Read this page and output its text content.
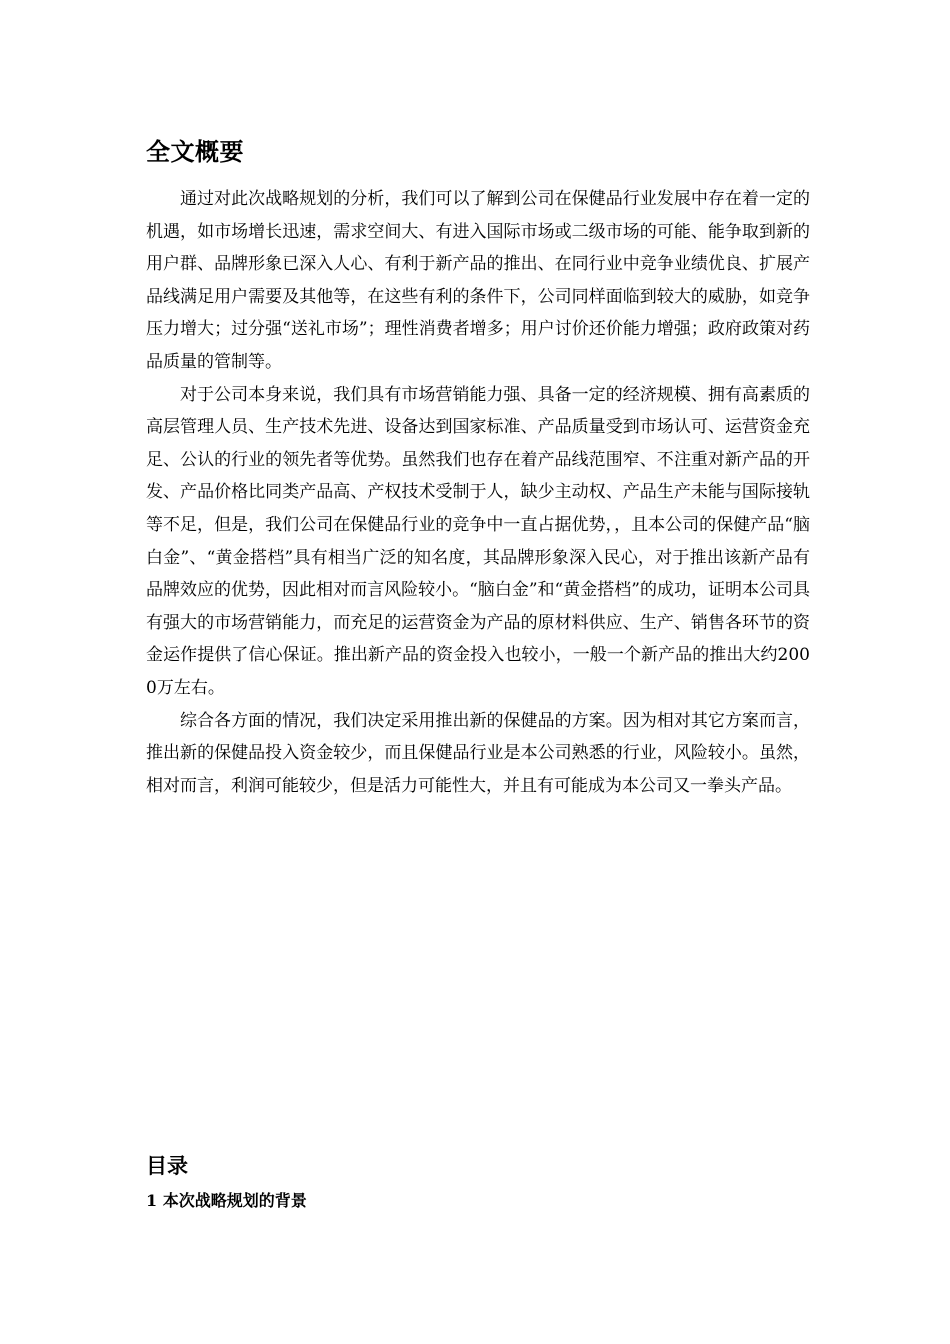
全文概要

通过对此次战略规划的分析，我们可以了解到公司在保健品行业发展中存在着一定的机遇，如市场增长迅速，需求空间大、有进入国际市场或二级市场的可能、能争取到新的用户群、品牌形象已深入人心、有利于新产品的推出、在同行业中竞争业绩优良、扩展产品线满足用户需要及其他等，在这些有利的条件下，公司同样面临到较大的威胁，如竞争压力增大；过分强“送礼市场”；理性消费者增多；用户讨价还价能力增强；政府政策对药品质量的管制等。

对于公司本身来说，我们具有市场营销能力强、具备一定的经济规模、拥有高素质的高层管理人员、生产技术先进、设备达到国家标准、产品质量受到市场认可、运营资金充足、公认的行业的领先者等优势。虽然我们也存在着产品线范围窄、不注重对新产品的开发、产品价格比同类产品高、产权技术受制于人，缺少主动权、产品生产未能与国际接轨等不足，但是，我们公司在保健品行业的竞争中一直占据优势，，且本公司的保健产品“脑白金”、“黄金搭档”具有相当广泛的知名度，其品牌形象深入民心，对于推出该新产品有品牌效应的优势，因此相对而言风险较小。“脑白金”和“黄金搭档”的成功，证明本公司具有强大的市场营销能力，而充足的运营资金为产品的原材料供应、生产、销售各环节的资金运作提供了信心保证。推出新产品的资金投入也较小，一般一个新产品的推出大约2000万左右。

综合各方面的情况，我们决定采用推出新的保健品的方案。因为相对其它方案而言，推出新的保健品投入资金较少，而且保健品行业是本公司熟悉的行业，风险较小。虽然，相对而言，利润可能较少，但是活力可能性大，并且有可能成为本公司又一拳头产品。

目录

1 本次战略规划的背景
